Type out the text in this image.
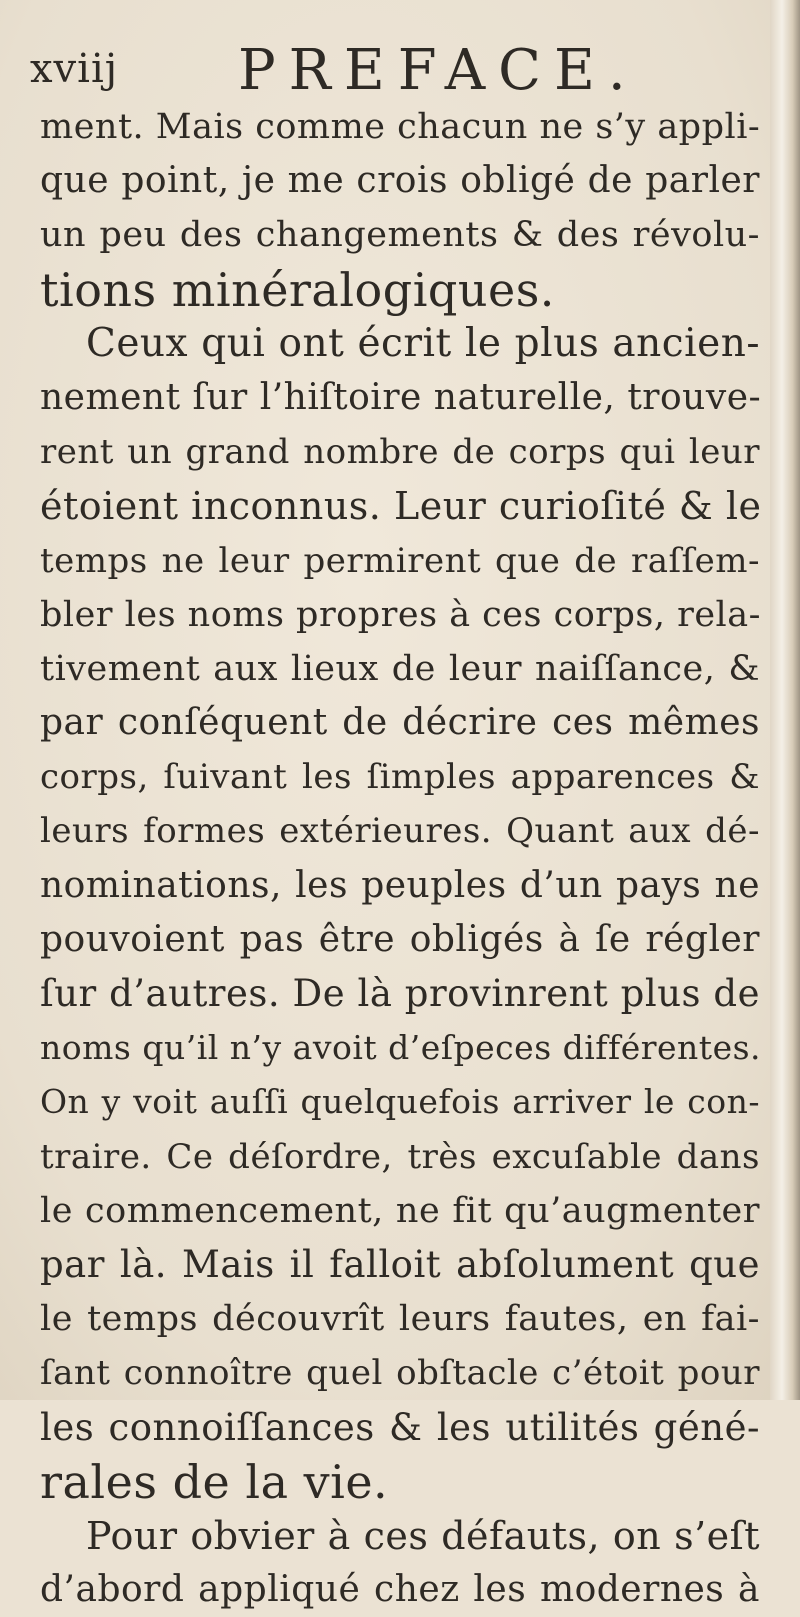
xviij PREFACE.
ment. Mais comme chacun ne s’y appli-
que point, je me crois obligé de parler
un peu des changements & des révolu-
tions minéralogiques.
Ceux qui ont écrit le plus ancien-
nement ſur l’hiſtoire naturelle, trouve-
rent un grand nombre de corps qui leur
étoient inconnus. Leur curioſité & le
temps ne leur permirent que de raſſem-
bler les noms propres à ces corps, rela-
tivement aux lieux de leur naiſſance, &
par conſéquent de décrire ces mêmes
corps, ſuivant les ſimples apparences &
leurs formes extérieures. Quant aux dé-
nominations, les peuples d’un pays ne
pouvoient pas être obligés à ſe régler
ſur d’autres. De là provinrent plus de
noms qu’il n’y avoit d’eſpeces différentes.
On y voit auſſi quelquefois arriver le con-
traire. Ce déſordre, très excuſable dans
le commencement, ne fit qu’augmenter
par là. Mais il falloit abſolument que
le temps découvrît leurs fautes, en fai-
ſant connoître quel obſtacle c’étoit pour
les connoiſſances & les utilités géné-
rales de la vie.
Pour obvier à ces défauts, on s’eſt
d’abord appliqué chez les modernes à
